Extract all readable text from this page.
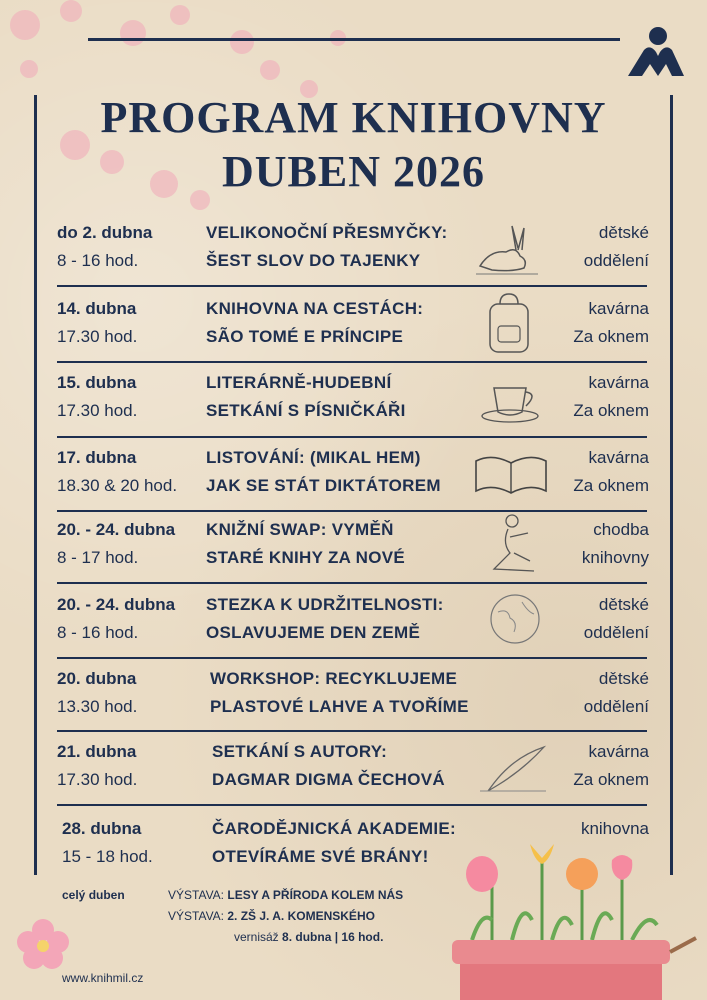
PROGRAM KNIHOVNY
DUBEN 2026
do 2. dubna
8 - 16 hod.
VELIKONOČNÍ PŘESMYČKY:
ŠEST SLOV DO TAJENKY
dětské
oddělení
14. dubna
17.30 hod.
KNIHOVNA NA CESTÁCH:
SÃO TOMÉ E PRÍNCIPE
kavárna
Za oknem
15. dubna
17.30 hod.
LITERÁRNĚ-HUDEBNÍ
SETKÁNÍ S PÍSNIČKÁŘI
kavárna
Za oknem
17. dubna
18.30 & 20 hod.
LISTOVÁNÍ: (MIKAL HEM)
JAK SE STÁT DIKTÁTOREM
kavárna
Za oknem
20. - 24. dubna
8 - 17 hod.
KNIŽNÍ SWAP: VYMĚŇ
STARÉ KNIHY ZA NOVÉ
chodba
knihovny
20. - 24. dubna
8 - 16 hod.
STEZKA K UDRŽITELNOSTI:
OSLAVUJEME DEN ZEMĚ
dětské
oddělení
20. dubna
13.30 hod.
WORKSHOP: RECYKLUJEME
PLASTOVÉ LAHVE A TVOŘÍME
dětské
oddělení
21. dubna
17.30 hod.
SETKÁNÍ S AUTORY:
DAGMAR DIGMA ČECHOVÁ
kavárna
Za oknem
28. dubna
15 - 18 hod.
ČARODĚJNICKÁ AKADEMIE:
OTEVÍRÁME SVÉ BRÁNY!
knihovna
celý duben	VÝSTAVA: LESY A PŘÍRODA KOLEM NÁS
VÝSTAVA: 2. ZŠ J. A. KOMENSKÉHO
vernisáž 8. dubna | 16 hod.
www.knihmil.cz
